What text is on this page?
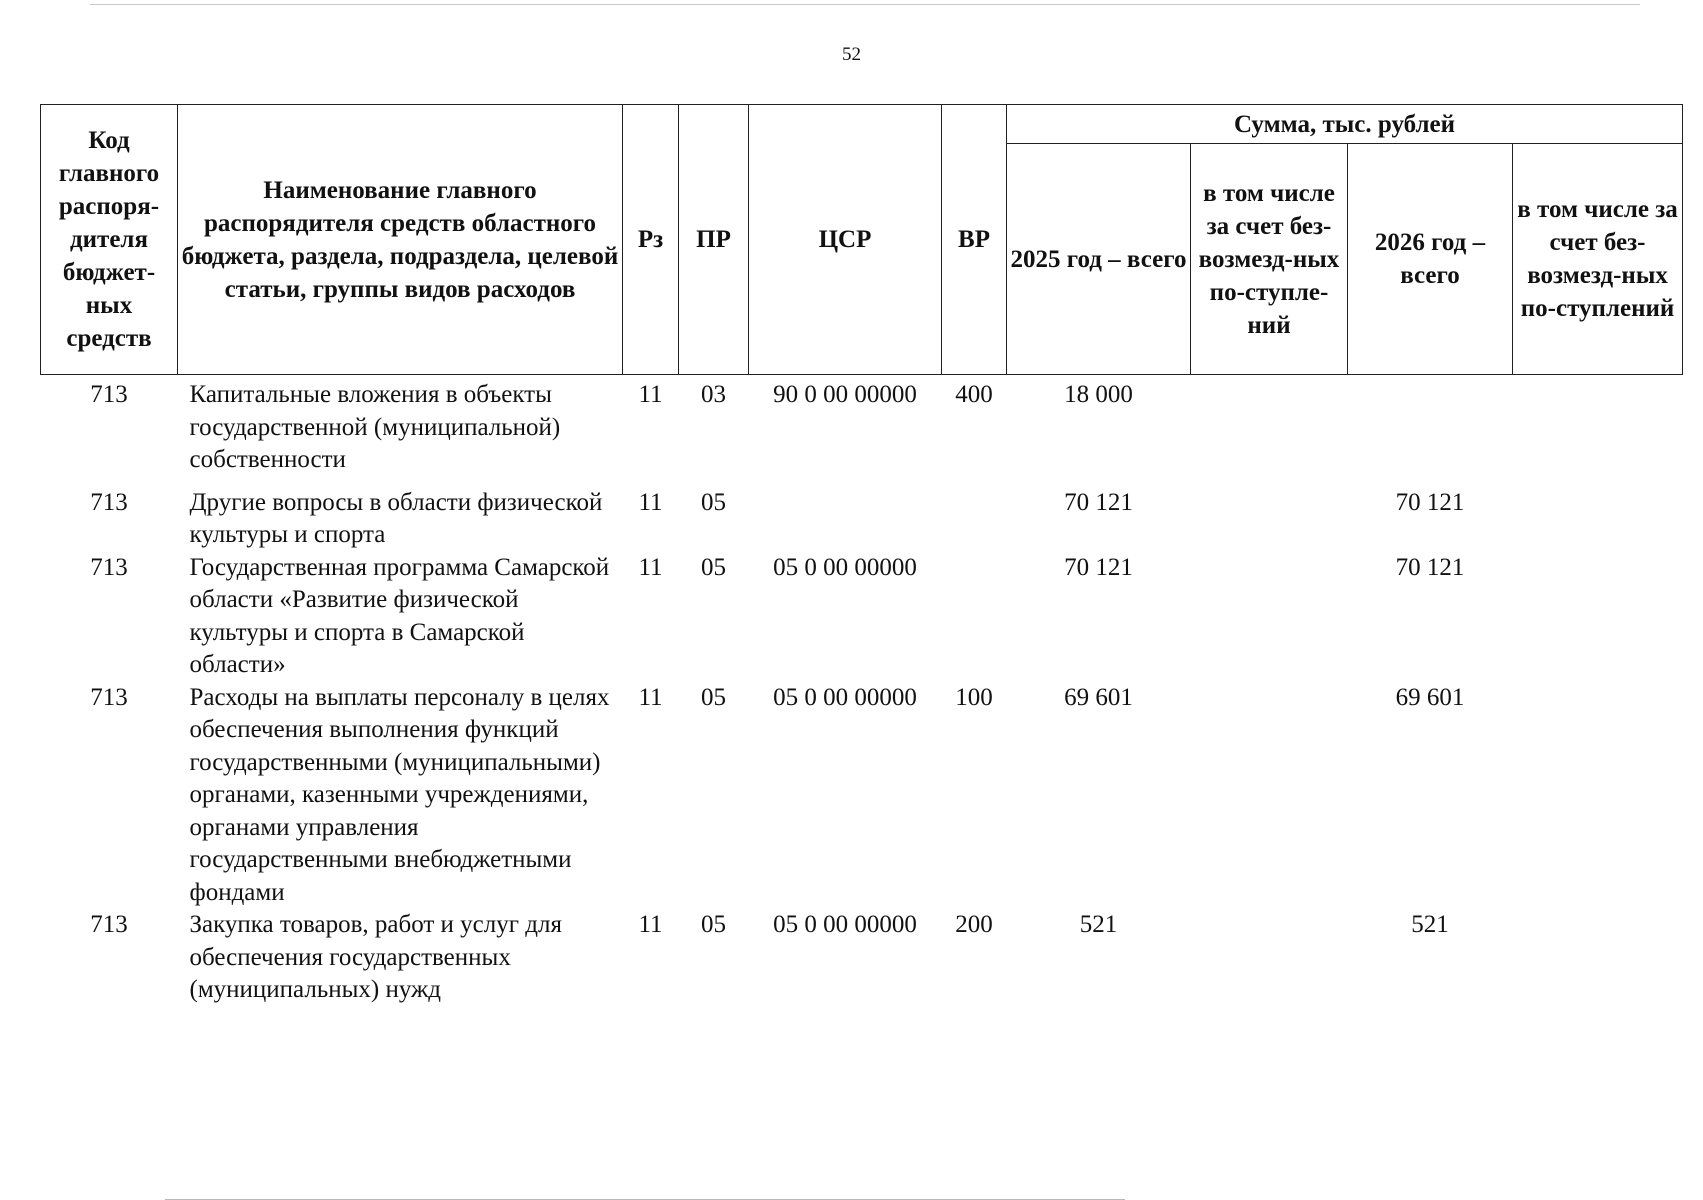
52
Код главного распоря-дителя бюджет-ных средств	Наименование главного распорядителя средств областного бюджета, раздела, подраздела, целевой статьи, группы видов расходов	Рз	ПР	ЦСР	ВР	Сумма, тыс. рублей			
						2025 год – всего	в том числе за счет без-возмезд-ных по-ступле-ний	2026 год – всего	в том числе за счет без-возмезд-ных по-ступлений
713	Капитальные вложения в объекты государственной (муниципальной) собственности	11	03	90 0 00 00000	400	18 000			
713	Другие вопросы в области физической культуры и спорта	11	05			70 121		70 121	
713	Государственная программа Самарской области «Развитие физической культуры и спорта в Самарской области»	11	05	05 0 00 00000		70 121		70 121	
713	Расходы на выплаты персоналу в целях обеспечения выполнения функций государственными (муниципальными) органами, казенными учреждениями, органами управления государственными внебюджетными фондами	11	05	05 0 00 00000	100	69 601		69 601	
713	Закупка товаров, работ и услуг для обеспечения государственных (муниципальных) нужд	11	05	05 0 00 00000	200	521		521	
